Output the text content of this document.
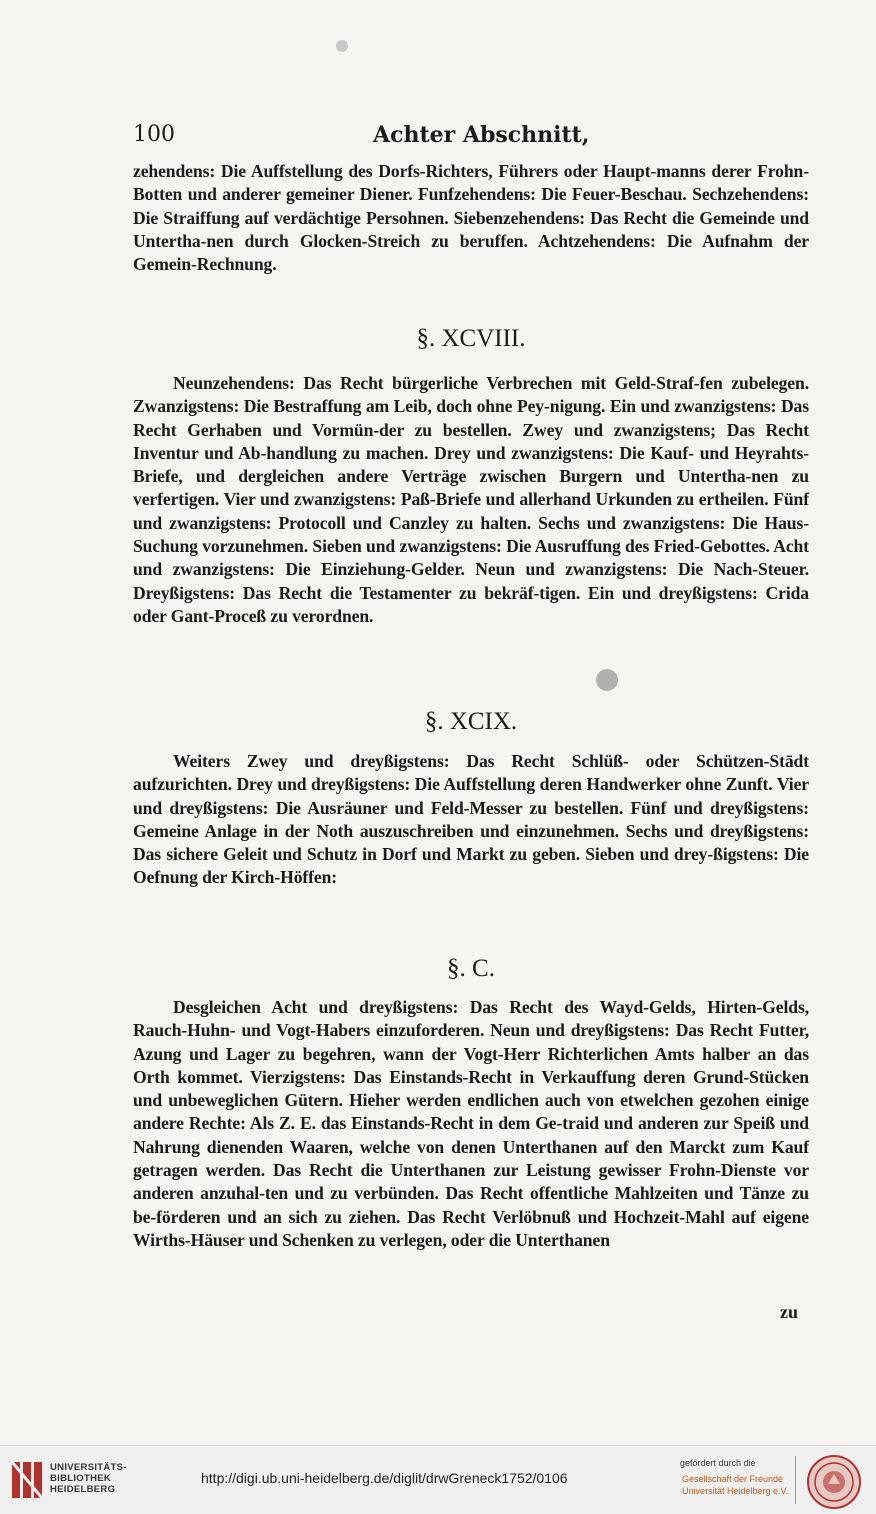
100	Achter Abschnitt,
zehendens: Die Auffstellung des Dorfs-Richters, Führers oder Haupt-manns derer Frohn-Botten und anderer gemeiner Diener. Funfzehendens: Die Feuer-Beschau. Sechzehendens: Die Straiffung auf verdächtige Persohnen. Siebenzehendens: Das Recht die Gemeinde und Untertha-nen durch Glocken-Streich zu beruffen. Achtzehendens: Die Aufnahm der Gemein-Rechnung.
§. XCVIII.
Neunzehendens: Das Recht bürgerliche Verbrechen mit Geld-Straf-fen zubelegen. Zwanzigstens: Die Bestraffung am Leib, doch ohne Pey-nigung. Ein und zwanzigstens: Das Recht Gerhaben und Vormün-der zu bestellen. Zwey und zwanzigstens; Das Recht Inventur und Ab-handlung zu machen. Drey und zwanzigstens: Die Kauf- und Heyrahts-Briefe, und dergleichen andere Verträge zwischen Burgern und Untertha-nen zu verfertigen. Vier und zwanzigstens: Paß-Briefe und allerhand Urkunden zu ertheilen. Fünf und zwanzigstens: Protocoll und Canzley zu halten. Sechs und zwanzigstens: Die Haus-Suchung vorzunehmen. Sieben und zwanzigstens: Die Ausruffung des Fried-Gebottes. Acht und zwanzigstens: Die Einziehung-Gelder. Neun und zwanzigstens: Die Nach-Steuer. Dreyßigstens: Das Recht die Testamenter zu bekräf-tigen. Ein und dreyßigstens: Crida oder Gant-Proceß zu verordnen.
§. XCIX.
Weiters Zwey und dreyßigstens: Das Recht Schlüß- oder Schützen-Stādt aufzurichten. Drey und dreyßigstens: Die Auffstellung deren Handwerker ohne Zunft. Vier und dreyßigstens: Die Ausräuner und Feld-Messer zu bestellen. Fünf und dreyßigstens: Gemeine Anlage in der Noth auszuschreiben und einzunehmen. Sechs und dreyßigstens: Das sichere Geleit und Schutz in Dorf und Markt zu geben. Sieben und drey-ßigstens: Die Oefnung der Kirch-Höffen:
§. C.
Desgleichen Acht und dreyßigstens: Das Recht des Wayd-Gelds, Hirten-Gelds, Rauch-Huhn- und Vogt-Habers einzuforderen. Neun und dreyßigstens: Das Recht Futter, Azung und Lager zu begehren, wann der Vogt-Herr Richterlichen Amts halber an das Orth kommet. Vierzigstens: Das Einstands-Recht in Verkauffung deren Grund-Stücken und unbeweglichen Gütern. Hieher werden endlichen auch von etwelchen gezohen einige andere Rechte: Als Z. E. das Einstands-Recht in dem Ge-traid und anderen zur Speiß und Nahrung dienenden Waaren, welche von denen Unterthanen auf den Marckt zum Kauf getragen werden. Das Recht die Unterthanen zur Leistung gewisser Frohn-Dienste vor anderen anzuhal-ten und zu verbünden. Das Recht offentliche Mahlzeiten und Tänze zu be-förderen und an sich zu ziehen. Das Recht Verlöbnuß und Hochzeit-Mahl auf eigene Wirths-Häuser und Schenken zu verlegen, oder die Unterthanen
zu
UNIVERSITÄTS-
BIBLIOTHEK
HEIDELBERG
http://digi.ub.uni-heidelberg.de/diglit/drwGreneck1752/0106
gefördert durch die
Gesellschaft der Freunde
Universität Heidelberg e.V.
